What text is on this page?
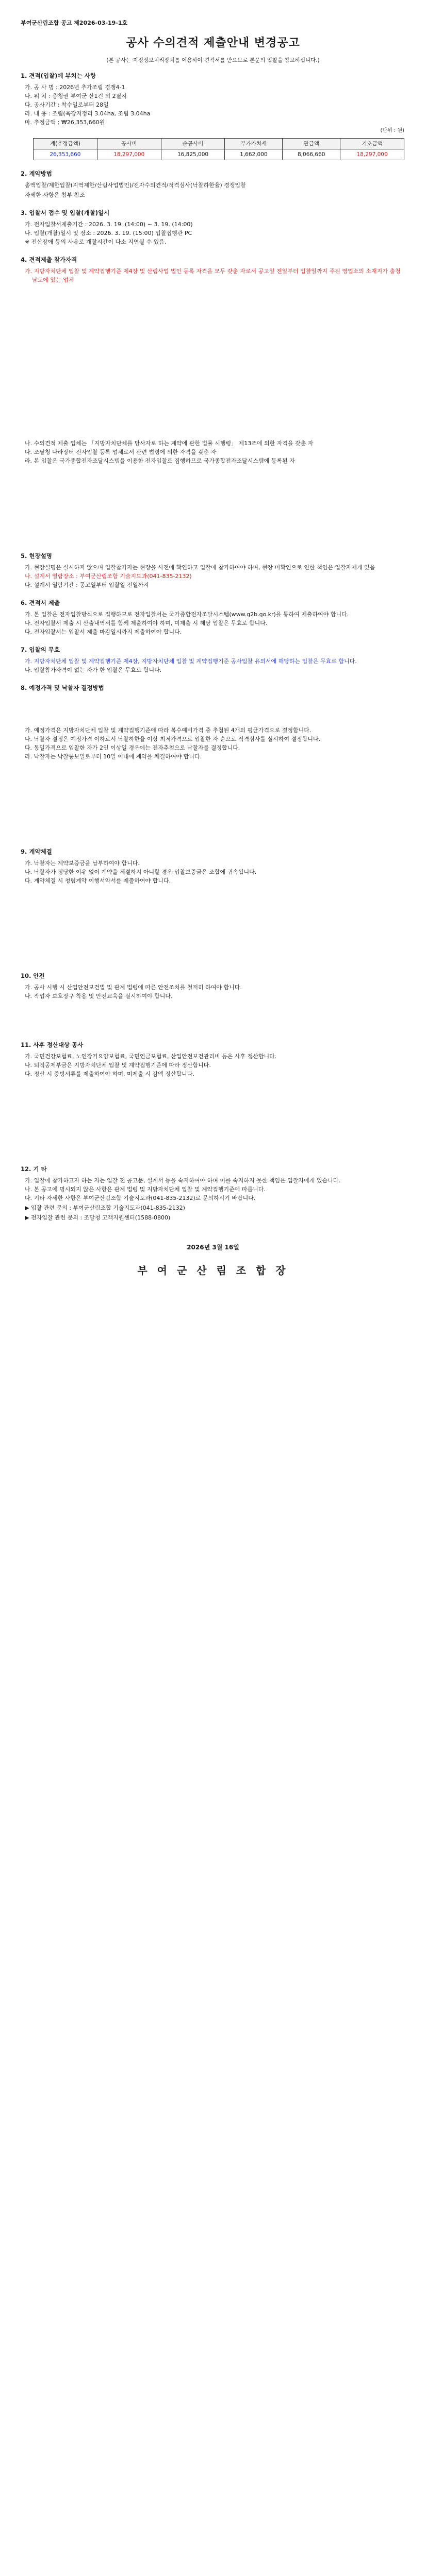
부여군산림조합 공고 제2026-03-19-1호
공사 수의견적 제출안내 변경공고
(본 공사는 지정정보처리장치를 이용하여 견적서를 받으므로 본문의 입찰을 참고하십니다.)
1. 견적(입찰)에 부치는 사항
가. 공 사 명 : 2026년 추가조림 경쟁4-1
나. 위 치 : 충청권 부여군 산1건 외 2필지
다. 공사기간 : 착수일로부터 28일
라. 내 용 : 조림(육장지정리 3.04ha, 조림 3.04ha
마. 추정금액 : ₩26,353,660원
(단위 : 원)
계(추정금액)	공사비	순공사비	부가가치세	관급액	기초금액
26,353,660	18,297,000	16,825,000	1,662,000	8,066,660	18,297,000
2. 계약방법
총액입찰/제한입찰(지역제한/산림사업법인)/전자수의견적/적격심사(낙찰하한율) 경쟁입찰
자세한 사항은 첨부 참조
3. 입찰서 접수 및 입찰(개찰)일시
가. 전자입찰서제출기간 : 2026. 3. 19. (14:00) ~ 3. 19. (14:00)
나. 입찰(개찰)일시 및 장소 : 2026. 3. 19. (15:00) 입찰집행관 PC
※ 전산장애 등의 사유로 개찰시간이 다소 지연될 수 있음.
4. 견적제출 참가자격
가. 지방자치단체 입찰 및 계약집행기준 제4장 및 산림사업 법인 등록 자격을 모두 갖춘 자로서 공고일 전일부터 입찰일까지 주된 영업소의 소재지가 충청남도에 있는 업체
나. 수의견적 제출 업체는 「지방자치단체를 당사자로 하는 계약에 관한 법률 시행령」 제13조에 의한 자격을 갖춘 자
다. 조달청 나라장터 전자입찰 등록 업체로서 관련 법령에 의한 자격을 갖춘 자
라. 본 입찰은 국가종합전자조달시스템을 이용한 전자입찰로 집행하므로 국가종합전자조달시스템에 등록된 자
5. 현장설명
가. 현장설명은 실시하지 않으며 입찰참가자는 현장을 사전에 확인하고 입찰에 참가하여야 하며, 현장 미확인으로 인한 책임은 입찰자에게 있음
나. 설계서 열람장소 : 부여군산림조합 기술지도과(041-835-2132)
다. 설계서 열람기간 : 공고일부터 입찰일 전일까지
6. 견적서 제출
가. 본 입찰은 전자입찰방식으로 집행하므로 전자입찰서는 국가종합전자조달시스템(www.g2b.go.kr)을 통하여 제출하여야 합니다.
나. 전자입찰서 제출 시 산출내역서를 함께 제출하여야 하며, 미제출 시 해당 입찰은 무효로 합니다.
다. 전자입찰서는 입찰서 제출 마감일시까지 제출하여야 합니다.
7. 입찰의 무효
가. 지방자치단체 입찰 및 계약집행기준 제4장, 지방자치단체 입찰 및 계약집행기준 공사입찰 유의서에 해당하는 입찰은 무효로 합니다.
나. 입찰참가자격이 없는 자가 한 입찰은 무효로 합니다.
8. 예정가격 및 낙찰자 결정방법
가. 예정가격은 지방자치단체 입찰 및 계약집행기준에 따라 복수예비가격 중 추첨된 4개의 평균가격으로 결정합니다.
나. 낙찰자 결정은 예정가격 이하로서 낙찰하한율 이상 최저가격으로 입찰한 자 순으로 적격심사를 실시하여 결정합니다.
다. 동일가격으로 입찰한 자가 2인 이상일 경우에는 전자추첨으로 낙찰자를 결정합니다.
라. 낙찰자는 낙찰통보일로부터 10일 이내에 계약을 체결하여야 합니다.
9. 계약체결
가. 낙찰자는 계약보증금을 납부하여야 합니다.
나. 낙찰자가 정당한 이유 없이 계약을 체결하지 아니할 경우 입찰보증금은 조합에 귀속됩니다.
다. 계약체결 시 청렴계약 이행서약서를 제출하여야 합니다.
10. 안전
가. 공사 시행 시 산업안전보건법 및 관계 법령에 따른 안전조치를 철저히 하여야 합니다.
나. 작업자 보호장구 착용 및 안전교육을 실시하여야 합니다.
11. 사후 정산대상 공사
가. 국민건강보험료, 노인장기요양보험료, 국민연금보험료, 산업안전보건관리비 등은 사후 정산합니다.
나. 퇴직공제부금은 지방자치단체 입찰 및 계약집행기준에 따라 정산합니다.
다. 정산 시 증빙서류를 제출하여야 하며, 미제출 시 감액 정산합니다.
12. 기 타
가. 입찰에 참가하고자 하는 자는 입찰 전 공고문, 설계서 등을 숙지하여야 하며 이를 숙지하지 못한 책임은 입찰자에게 있습니다.
나. 본 공고에 명시되지 않은 사항은 관계 법령 및 지방자치단체 입찰 및 계약집행기준에 따릅니다.
다. 기타 자세한 사항은 부여군산림조합 기술지도과(041-835-2132)로 문의하시기 바랍니다.
▶ 입찰 관련 문의 : 부여군산림조합 기술지도과(041-835-2132)
▶ 전자입찰 관련 문의 : 조달청 고객지원센터(1588-0800)
2026년 3월 16일
부 여 군 산 림 조 합 장
